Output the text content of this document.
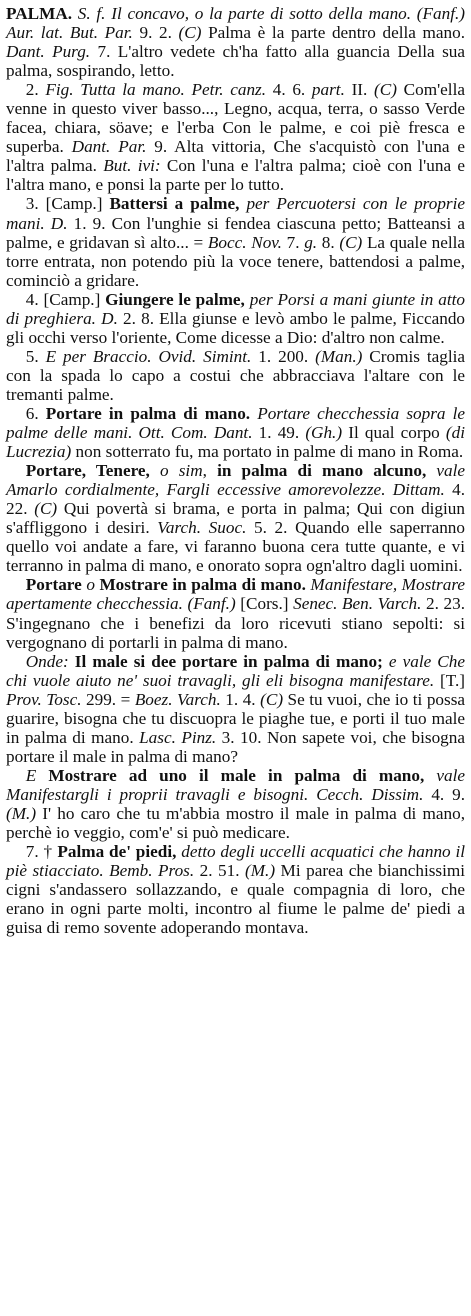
PALMA. S. f. Il concavo, o la parte di sotto della mano. (Fanf.) Aur. lat. But. Par. 9. 2. (C) Palma è la parte dentro della mano. Dant. Purg. 7. L'altro vedete ch'ha fatto alla guancia Della sua palma, sospirando, letto.

2. Fig. Tutta la mano. Petr. canz. 4. 6. part. II. (C) Com'ella venne in questo viver basso..., Legno, acqua, terra, o sasso Verde facea, chiara, söave; e l'erba Con le palme, e coi piè fresca e superba. Dant. Par. 9. Alta vittoria, Che s'acquistò con l'una e l'altra palma. But. ivi: Con l'una e l'altra palma; cioè con l'una e l'altra mano, e ponsi la parte per lo tutto.

3. [Camp.] Battersi a palme, per Percuotersi con le proprie mani. D. 1. 9. Con l'unghie si fendea ciascuna petto; Batteansi a palme, e gridavan sì alto... = Bocc. Nov. 7. g. 8. (C) La quale nella torre entrata, non potendo più la voce tenere, battendosi a palme, cominciò a gridare.

4. [Camp.] Giungere le palme, per Porsi a mani giunte in atto di preghiera. D. 2. 8. Ella giunse e levò ambo le palme, Ficcando gli occhi verso l'oriente, Come dicesse a Dio: d'altro non calme.

5. E per Braccio. Ovid. Simint. 1. 200. (Man.) Cromis taglia con la spada lo capo a costui che abbracciava l'altare con le tremanti palme.

6. Portare in palma di mano. Portare checchessia sopra le palme delle mani. Ott. Com. Dant. 1. 49. (Gh.) Il qual corpo (di Lucrezia) non sotterrato fu, ma portato in palme di mano in Roma.

Portare, Tenere, o sim, in palma di mano alcuno, vale Amarlo cordialmente, Fargli eccessive amorevolezze. Dittam. 4. 22. (C) Qui povertà si brama, e porta in palma; Qui con digiun s'affliggono i desiri. Varch. Suoc. 5. 2. Quando elle saperranno quello voi andate a fare, vi faranno buona cera tutte quante, e vi terranno in palma di mano, e onorato sopra ogn'altro dagli uomini.

Portare o Mostrare in palma di mano. Manifestare, Mostrare apertamente checchessia. (Fanf.) [Cors.] Senec. Ben. Varch. 2. 23. S'ingegnano che i benefizi da loro ricevuti stiano sepolti: si vergognano di portarli in palma di mano.

Onde: Il male si dee portare in palma di mano; e vale Che chi vuole aiuto ne' suoi travagli, gli eli bisogna manifestare. [T.] Prov. Tosc. 299. = Boez. Varch. 1. 4. (C) Se tu vuoi, che io ti possa guarire, bisogna che tu discuopra le piaghe tue, e porti il tuo male in palma di mano. Lasc. Pinz. 3. 10. Non sapete voi, che bisogna portare il male in palma di mano?

E Mostrare ad uno il male in palma di mano, vale Manifestargli i proprii travagli e bisogni. Cecch. Dissim. 4. 9. (M.) I' ho caro che tu m'abbia mostro il male in palma di mano, perchè io veggio, com'e' si può medicare.

7. † Palma de' piedi, detto degli uccelli acquatici che hanno il piè stiacciato. Bemb. Pros. 2. 51. (M.) Mi parea che bianchissimi cigni s'andassero sollazzando, e quale compagnia di loro, che erano in ogni parte molti, incontro al fiume le palme de' piedi a guisa di remo sovente adoperando montava.
